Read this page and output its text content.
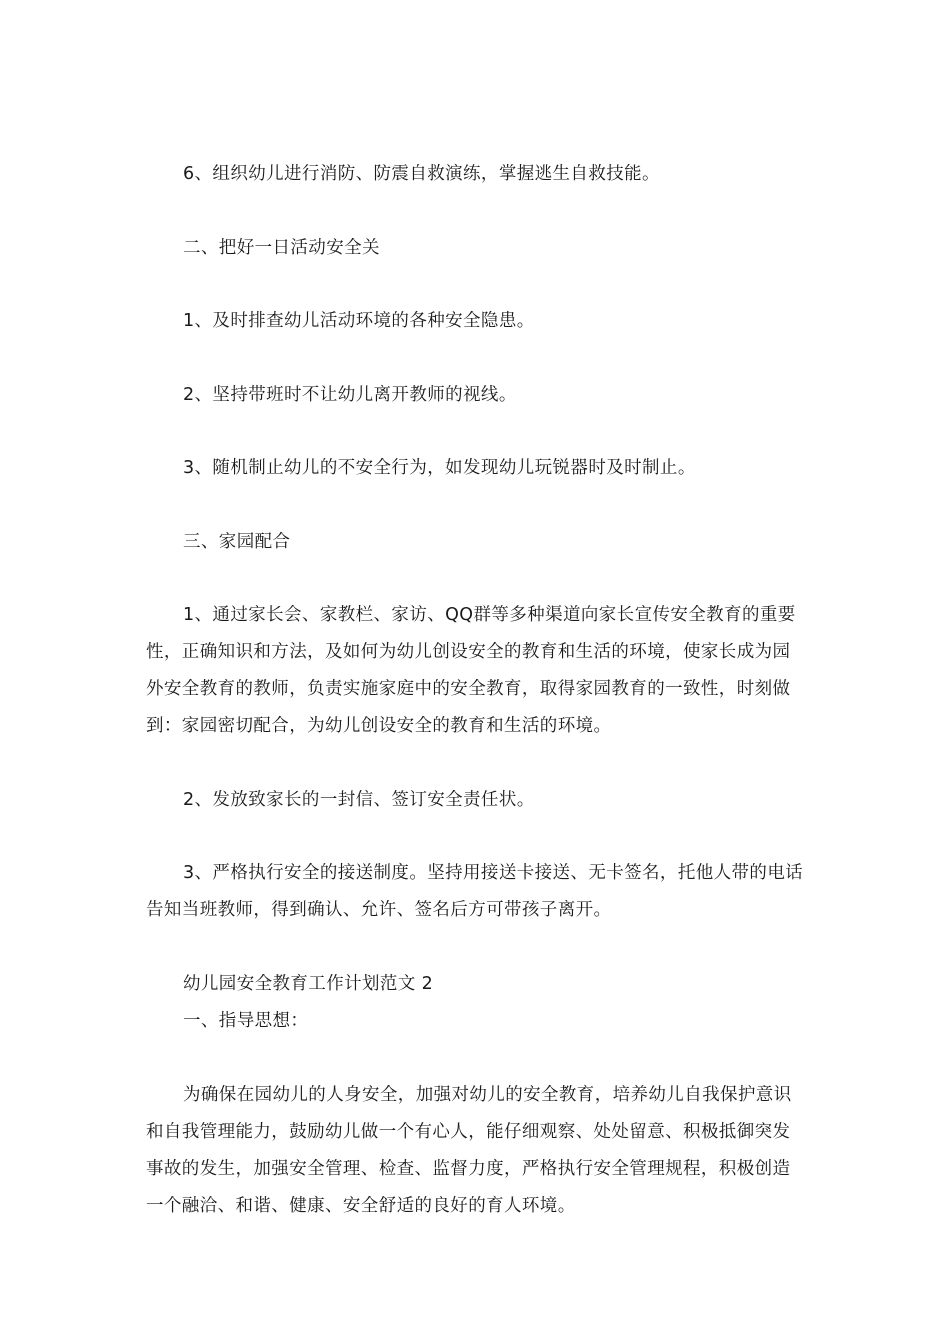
6、组织幼儿进行消防、防震自救演练，掌握逃生自救技能。

二、把好一日活动安全关

1、及时排查幼儿活动环境的各种安全隐患。

2、坚持带班时不让幼儿离开教师的视线。

3、随机制止幼儿的不安全行为，如发现幼儿玩锐器时及时制止。

三、家园配合

1、通过家长会、家教栏、家访、QQ群等多种渠道向家长宣传安全教育的重要性，正确知识和方法，及如何为幼儿创设安全的教育和生活的环境，使家长成为园外安全教育的教师，负责实施家庭中的安全教育，取得家园教育的一致性，时刻做到：家园密切配合，为幼儿创设安全的教育和生活的环境。

2、发放致家长的一封信、签订安全责任状。

3、严格执行安全的接送制度。坚持用接送卡接送、无卡签名，托他人带的电话告知当班教师，得到确认、允许、签名后方可带孩子离开。

幼儿园安全教育工作计划范文 2

一、指导思想：

为确保在园幼儿的人身安全，加强对幼儿的安全教育，培养幼儿自我保护意识和自我管理能力，鼓励幼儿做一个有心人，能仔细观察、处处留意、积极抵御突发事故的发生，加强安全管理、检查、监督力度，严格执行安全管理规程，积极创造一个融洽、和谐、健康、安全舒适的良好的育人环境。
